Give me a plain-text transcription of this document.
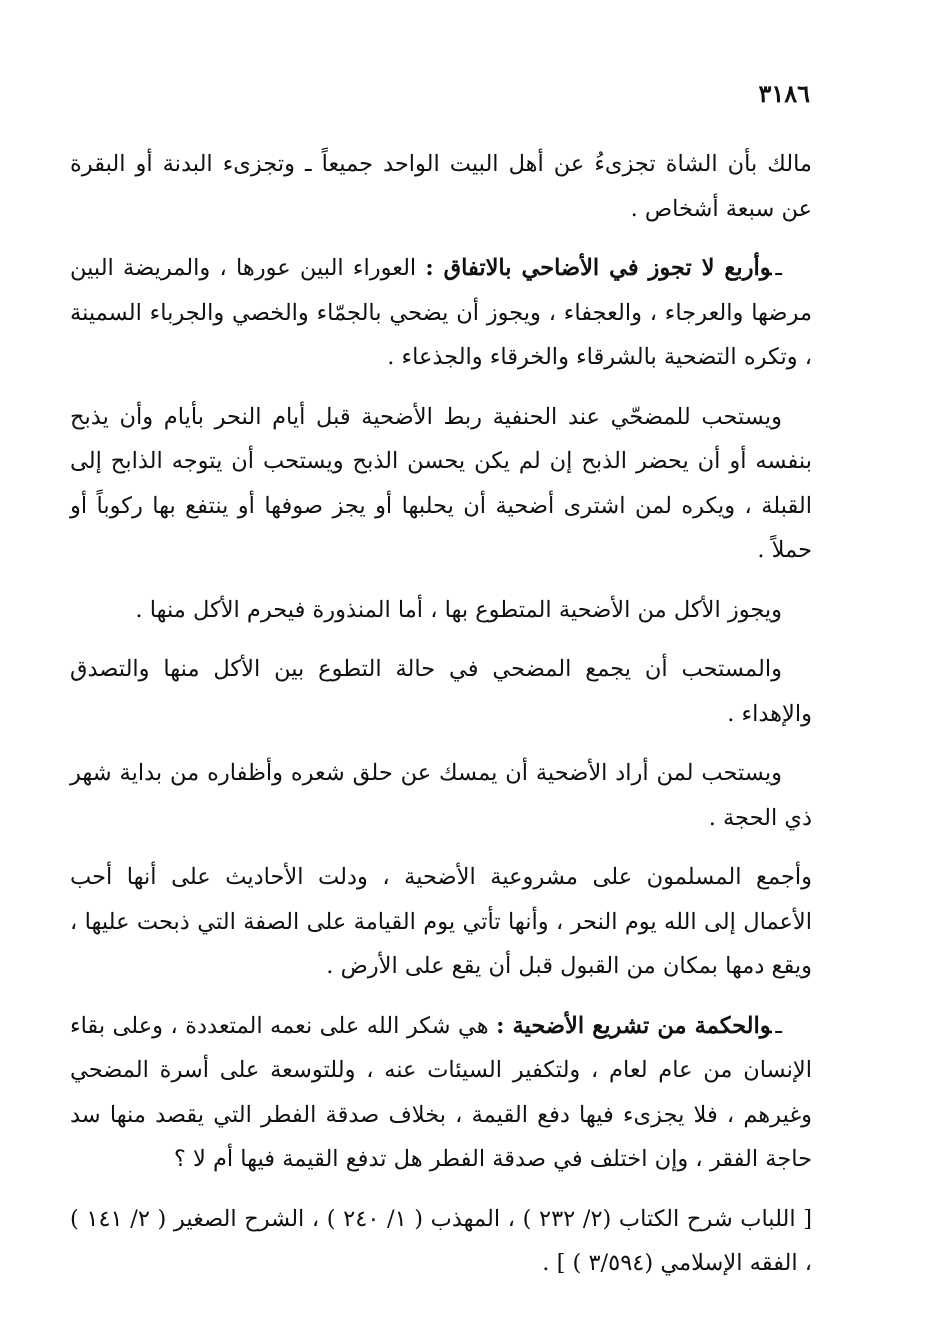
٣١٨٦

مالك بأن الشاة تجزىءُ عن أهل البيت الواحد جميعاً ـ وتجزىء البدنة أو البقرة عن سبعة أشخاص .

ـوأربع لا تجوز في الأضاحي بالاتفاق : العوراء البين عورها ، والمريضة البين مرضها والعرجاء ، والعجفاء ، ويجوز أن يضحي بالجمّاء والخصي والجرباء السمينة ، وتكره التضحية بالشرقاء والخرقاء والجذعاء .

ويستحب للمضحّي عند الحنفية ربط الأضحية قبل أيام النحر بأيام وأن يذبح بنفسه أو أن يحضر الذبح إن لم يكن يحسن الذبح ويستحب أن يتوجه الذابح إلى القبلة ، ويكره لمن اشترى أضحية أن يحلبها أو يجز صوفها أو ينتفع بها ركوباً أو حملاً .

ويجوز الأكل من الأضحية المتطوع بها ، أما المنذورة فيحرم الأكل منها .

والمستحب أن يجمع المضحي في حالة التطوع بين الأكل منها والتصدق والإهداء .

ويستحب لمن أراد الأضحية أن يمسك عن حلق شعره وأظفاره من بداية شهر ذي الحجة .

وأجمع المسلمون على مشروعية الأضحية ، ودلت الأحاديث على أنها أحب الأعمال إلى الله يوم النحر ، وأنها تأتي يوم القيامة على الصفة التي ذبحت عليها ، ويقع دمها بمكان من القبول قبل أن يقع على الأرض .

ـوالحكمة من تشريع الأضحية : هي شكر الله على نعمه المتعددة ، وعلى بقاء الإنسان من عام لعام ، ولتكفير السيئات عنه ، وللتوسعة على أسرة المضحي وغيرهم ، فلا يجزىء فيها دفع القيمة ، بخلاف صدقة الفطر التي يقصد منها سد حاجة الفقر ، وإن اختلف في صدقة الفطر هل تدفع القيمة فيها أم لا ؟

[ اللباب شرح الكتاب (٢/ ٢٣٢ ) ، المهذب ( ١/ ٢٤٠ ) ، الشرح الصغير ( ٢/ ١٤١ ) ، الفقه الإسلامي (٣/٥٩٤ ) ] .
